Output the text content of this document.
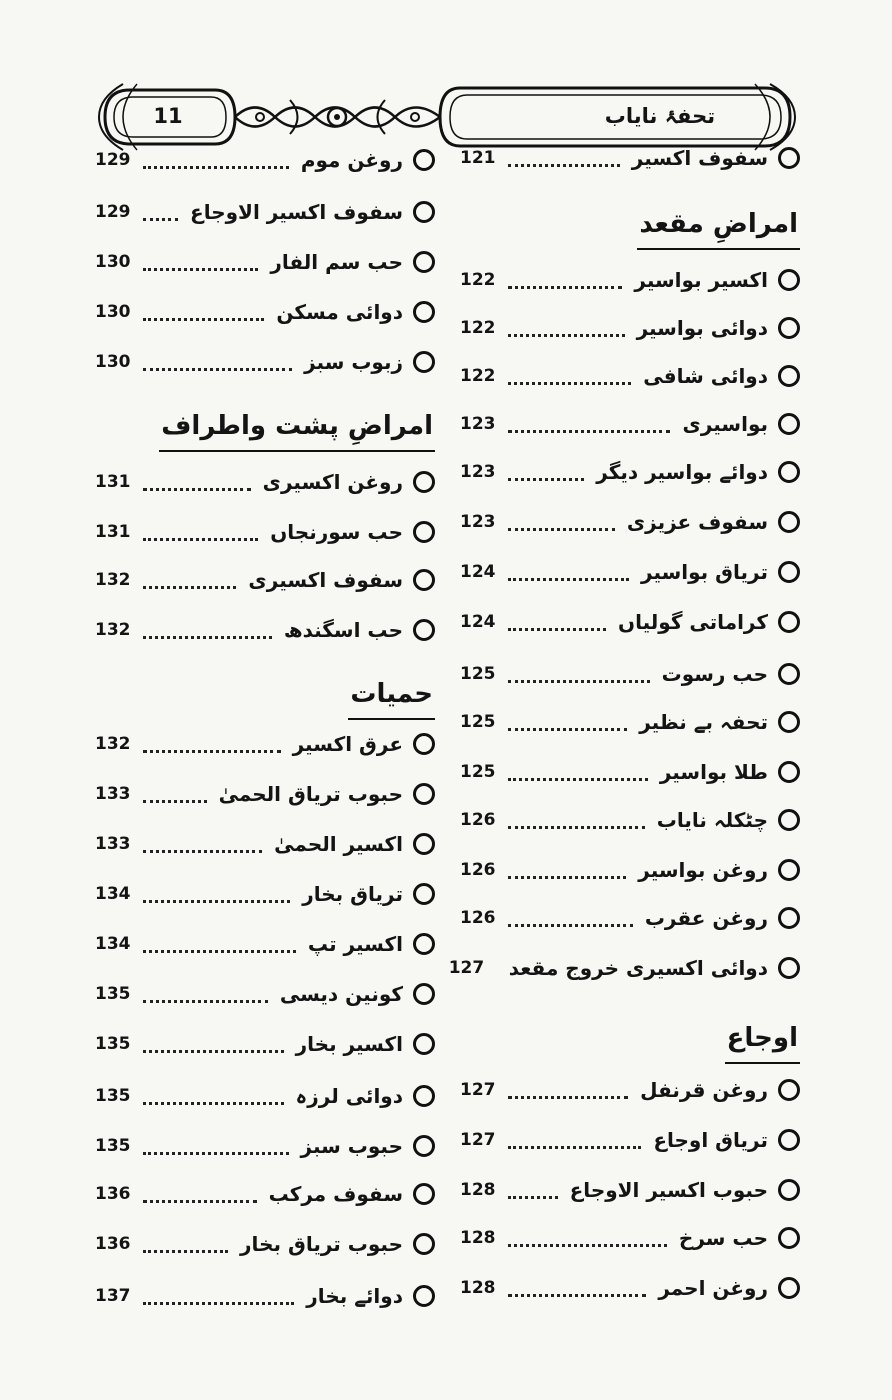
تحفۂ نایاب
11
سفوف اکسیر
121
امراضِ مقعد
اکسیر بواسیر
122
دوائی بواسیر
122
دوائی شافی
122
بواسیری
123
دوائے بواسیر دیگر
123
سفوف عزیزی
123
تریاق بواسیر
124
کراماتی گولیاں
124
حب رسوت
125
تحفہ بے نظیر
125
طلا بواسیر
125
چٹکلہ نایاب
126
روغن بواسیر
126
روغن عقرب
126
دوائی اکسیری خروج مقعد
127
اوجاع
روغن قرنفل
127
تریاق اوجاع
127
حبوب اکسیر الاوجاع
128
حب سرخ
128
روغن احمر
128
روغن موم
129
سفوف اکسیر الاوجاع
129
حب سم الفار
130
دوائی مسکن
130
زبوب سبز
130
امراضِ پشت واطراف
روغن اکسیری
131
حب سورنجاں
131
سفوف اکسیری
132
حب اسگندھ
132
حمیات
عرق اکسیر
132
حبوب تریاق الحمیٰ
133
اکسیر الحمیٰ
133
تریاق بخار
134
اکسیر تپ
134
کونین دیسی
135
اکسیر بخار
135
دوائی لرزہ
135
حبوب سبز
135
سفوف مرکب
136
حبوب تریاق بخار
136
دوائے بخار
137
